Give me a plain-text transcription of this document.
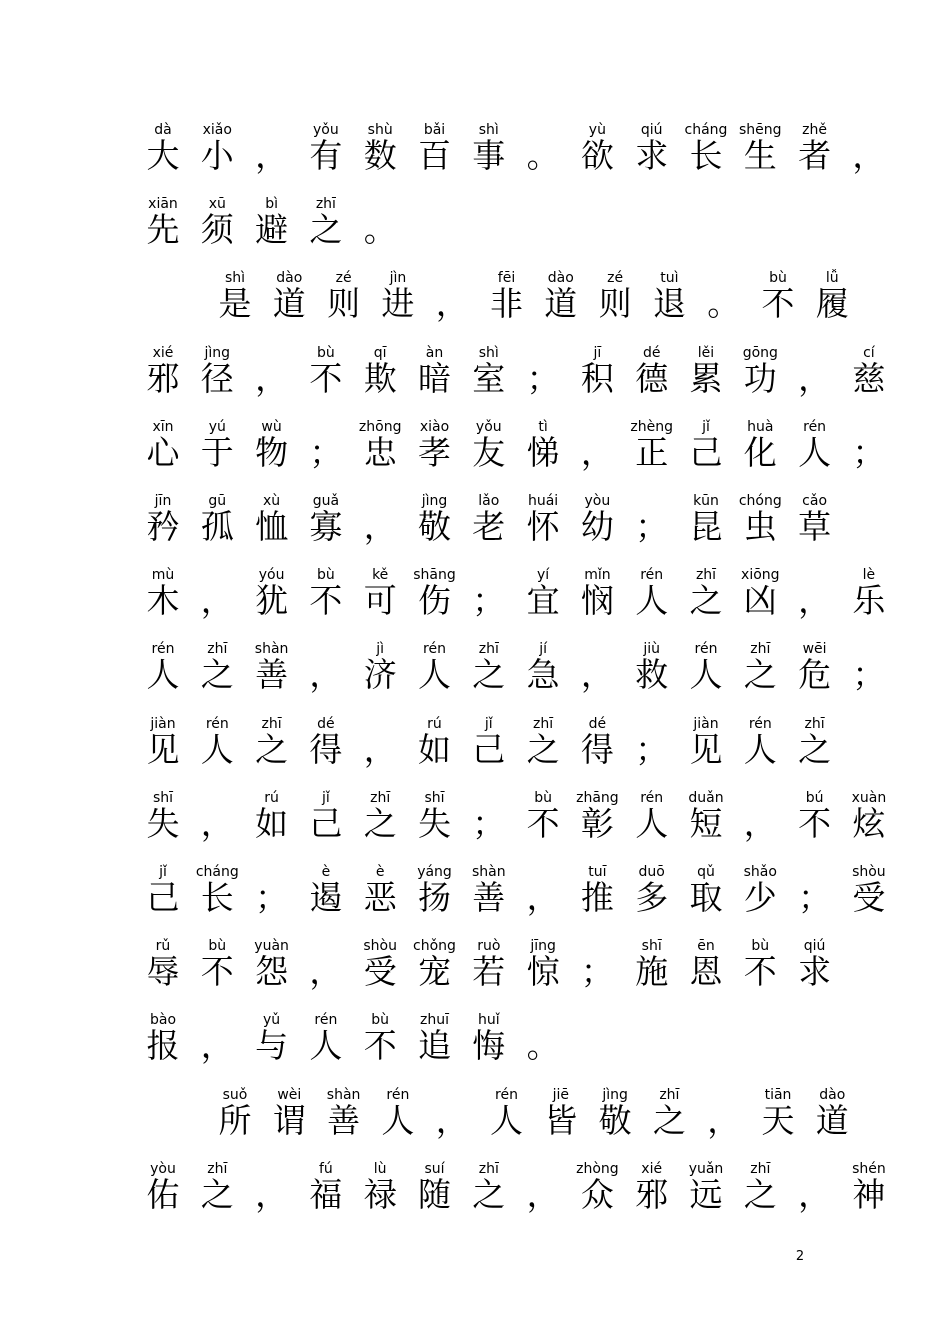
dà
大
xiǎo
小 ，
yǒu
有
shù
数
bǎi
百
shì
事 。
yù
欲
qiú
求
cháng
长
shēng
生
zhě
者 ，
xiān
先
xū
须
bì
避
zhī
之 。
shì
是
dào
道
zé
则
jìn
进 ，
fēi
非
dào
道
zé
则
tuì
退 。
bù
不
lǚ
履
xié
邪
jìng
径 ，
bù
不
qī
欺
àn
暗
shì
室 ；
jī
积
dé
德
lěi
累
gōng
功 ，
cí
慈
xīn
心
yú
于
wù
物 ；
zhōng
忠
xiào
孝
yǒu
友
tì
悌 ，
zhèng
正
jǐ
己
huà
化
rén
人 ；
jīn
矜
gū
孤
xù
恤
guǎ
寡 ，
jìng
敬
lǎo
老
huái
怀
yòu
幼 ；
kūn
昆
chóng
虫
cǎo
草
mù
木 ，
yóu
犹
bù
不
kě
可
shāng
伤 ；
yí
宜
mǐn
悯
rén
人
zhī
之
xiōng
凶 ，
lè
乐
rén
人
zhī
之
shàn
善 ，
jì
济
rén
人
zhī
之
jí
急 ，
jiù
救
rén
人
zhī
之
wēi
危 ；
jiàn
见
rén
人
zhī
之
dé
得 ，
rú
如
jǐ
己
zhī
之
dé
得 ；
jiàn
见
rén
人
zhī
之
shī
失 ，
rú
如
jǐ
己
zhī
之
shī
失 ；
bù
不
zhāng
彰
rén
人
duǎn
短 ，
bú
不
xuàn
炫
jǐ
己
cháng
长 ；
è
遏
è
恶
yáng
扬
shàn
善 ，
tuī
推
duō
多
qǔ
取
shǎo
少 ；
shòu
受
rǔ
辱
bù
不
yuàn
怨 ，
shòu
受
chǒng
宠
ruò
若
jīng
惊 ；
shī
施
ēn
恩
bù
不
qiú
求
bào
报 ，
yǔ
与
rén
人
bù
不
zhuī
追
huǐ
悔 。
suǒ
所
wèi
谓
shàn
善
rén
人 ，
rén
人
jiē
皆
jìng
敬
zhī
之 ，
tiān
天
dào
道
yòu
佑
zhī
之 ，
fú
福
lù
禄
suí
随
zhī
之 ，
zhòng
众
xié
邪
yuǎn
远
zhī
之 ，
shén
神
2
